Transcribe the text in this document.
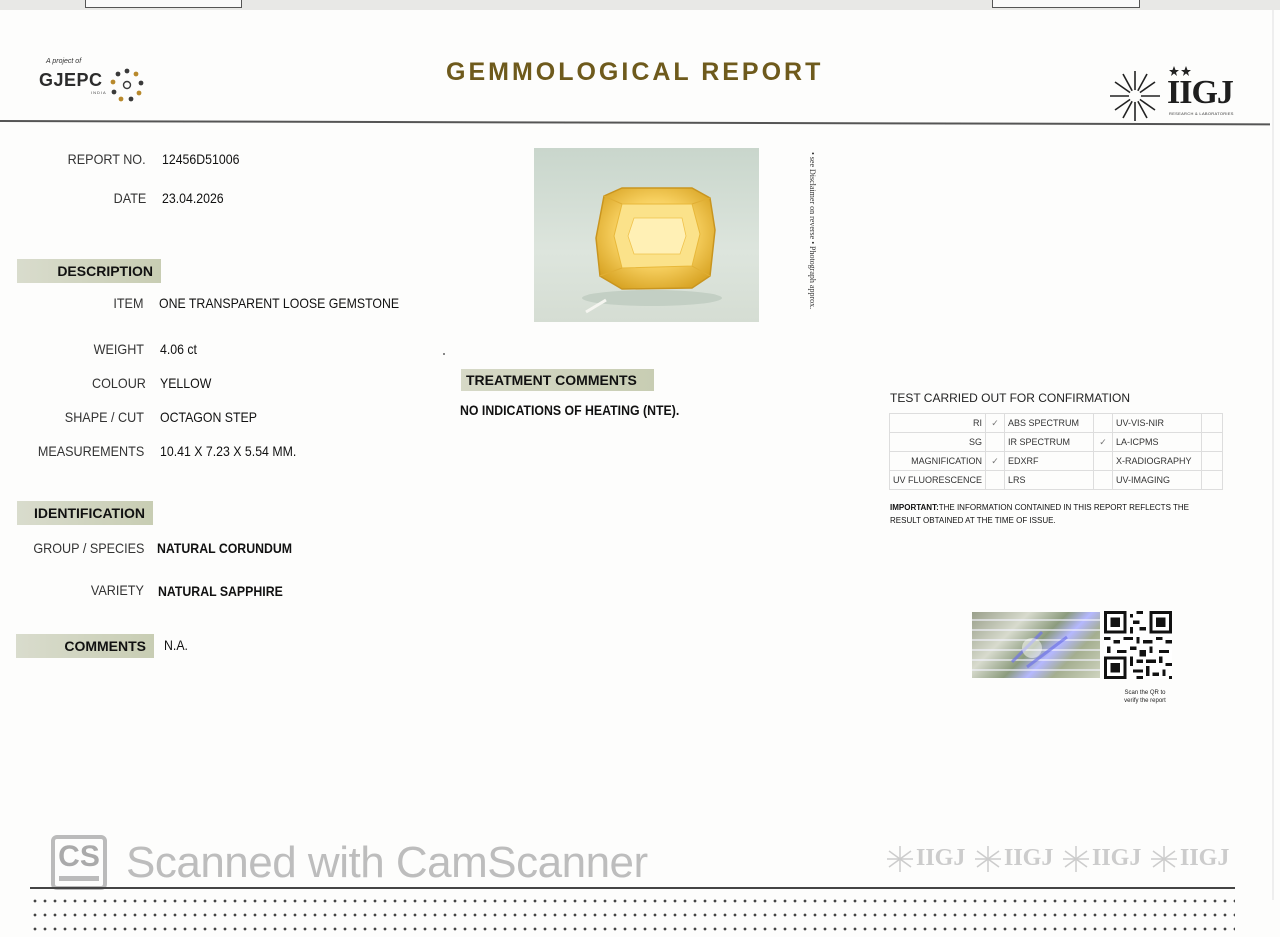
A project of
GJEPC
INDIA
GEMMOLOGICAL REPORT
IIGJ
RESEARCH & LABORATORIES
REPORT NO. 12456D51006
DATE 23.04.2026
DESCRIPTION
ITEM ONE TRANSPARENT LOOSE GEMSTONE
WEIGHT 4.06 ct
COLOUR YELLOW
SHAPE / CUT OCTAGON STEP
MEASUREMENTS 10.41 X 7.23 X 5.54 MM.
IDENTIFICATION
GROUP / SPECIES NATURAL CORUNDUM
VARIETY NATURAL SAPPHIRE
COMMENTS	N.A.
• see Disclaimer on reverse • Photograph approx.
TREATMENT COMMENTS
NO INDICATIONS OF HEATING (NTE).
TEST CARRIED OUT FOR CONFIRMATION
RI	✓	ABS SPECTRUM		UV-VIS-NIR	
SG		IR SPECTRUM	✓	LA-ICPMS	
MAGNIFICATION	✓	EDXRF		X-RADIOGRAPHY	
UV FLUORESCENCE		LRS		UV-IMAGING	
IMPORTANT:THE INFORMATION CONTAINED IN THIS REPORT REFLECTS THE RESULT OBTAINED AT THE TIME OF ISSUE.
Scan the QR to
verify the report
CS Scanned with CamScanner	IIGJ IIGJ IIGJ IIGJ
